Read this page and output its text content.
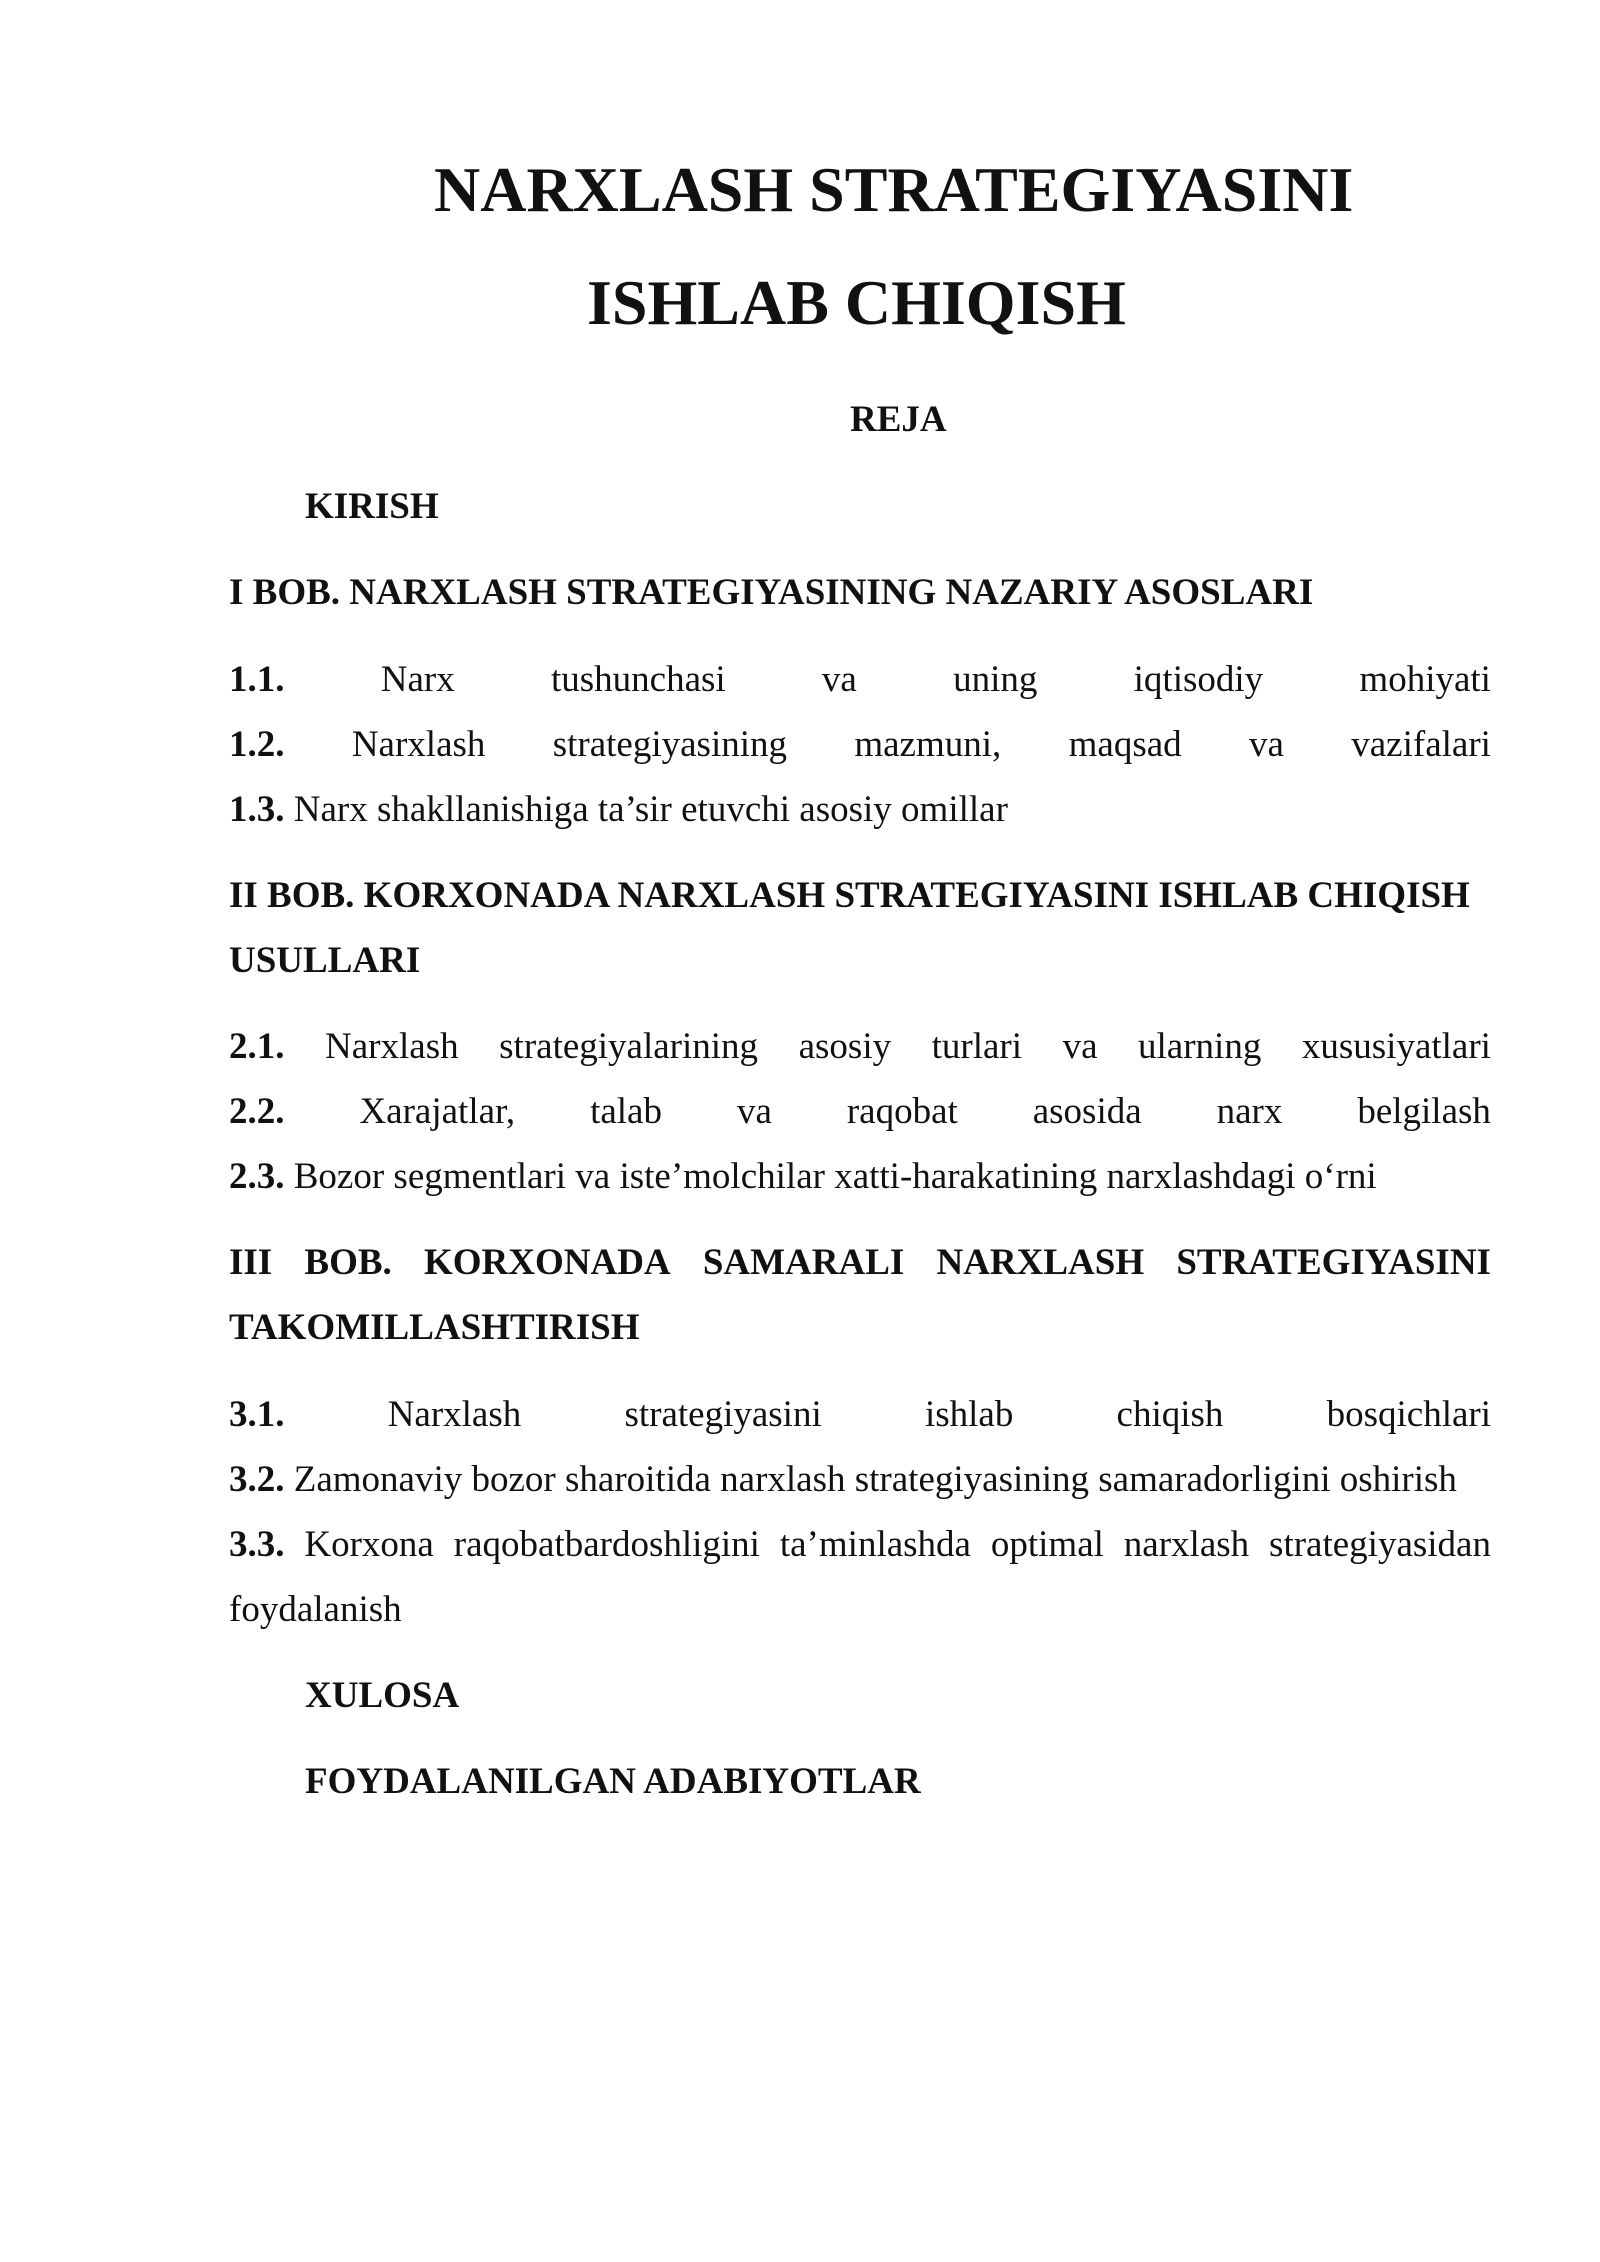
NARXLASH STRATEGIYASINI
ISHLAB CHIQISH

REJA

KIRISH

I BOB. NARXLASH STRATEGIYASINING NAZARIY ASOSLARI

1.1.	Narx	tushunchasi	va	uning	iqtisodiy	mohiyati
1.2. Narxlash strategiyasining mazmuni, maqsad va vazifalari

1.3. Narx shakllanishiga ta’sir etuvchi asosiy omillar

II BOB. KORXONADA NARXLASH STRATEGIYASINI ISHLAB CHIQISH

USULLARI

2.1. Narxlash strategiyalarining asosiy turlari va ularning xususiyatlari
2.2. Xarajatlar, talab va raqobat asosida narx belgilash

2.3. Bozor segmentlari va iste’molchilar xatti-harakatining narxlashdagi o‘rni

III BOB. KORXONADA SAMARALI NARXLASH STRATEGIYASINI

TAKOMILLASHTIRISH

3.1.	Narxlash	strategiyasini	ishlab	chiqish	bosqichlari

3.2. Zamonaviy bozor sharoitida narxlash strategiyasining samaradorligini oshirish

3.3. Korxona raqobatbardoshligini ta’minlashda optimal narxlash strategiyasidan

foydalanish

XULOSA

FOYDALANILGAN ADABIYOTLAR
